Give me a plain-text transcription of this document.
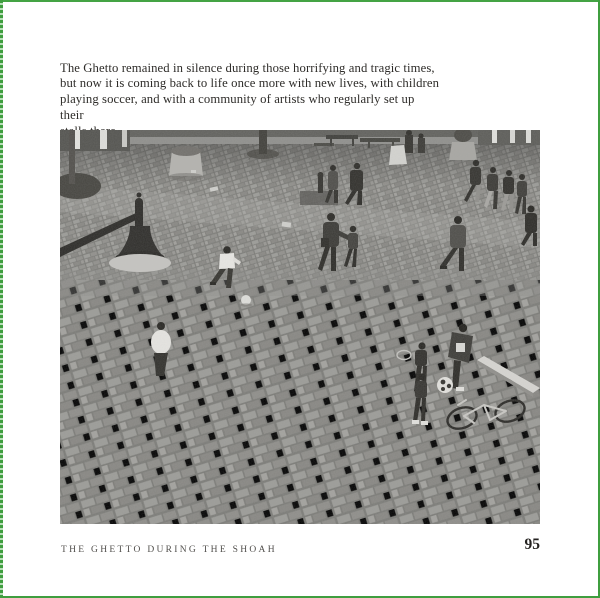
The Ghetto remained in silence during those horrifying and tragic times,
but now it is coming back to life once more with new lives, with children
playing soccer, and with a community of artists who regularly set up their

THE GHETTO DURING THE SHOAH	95
